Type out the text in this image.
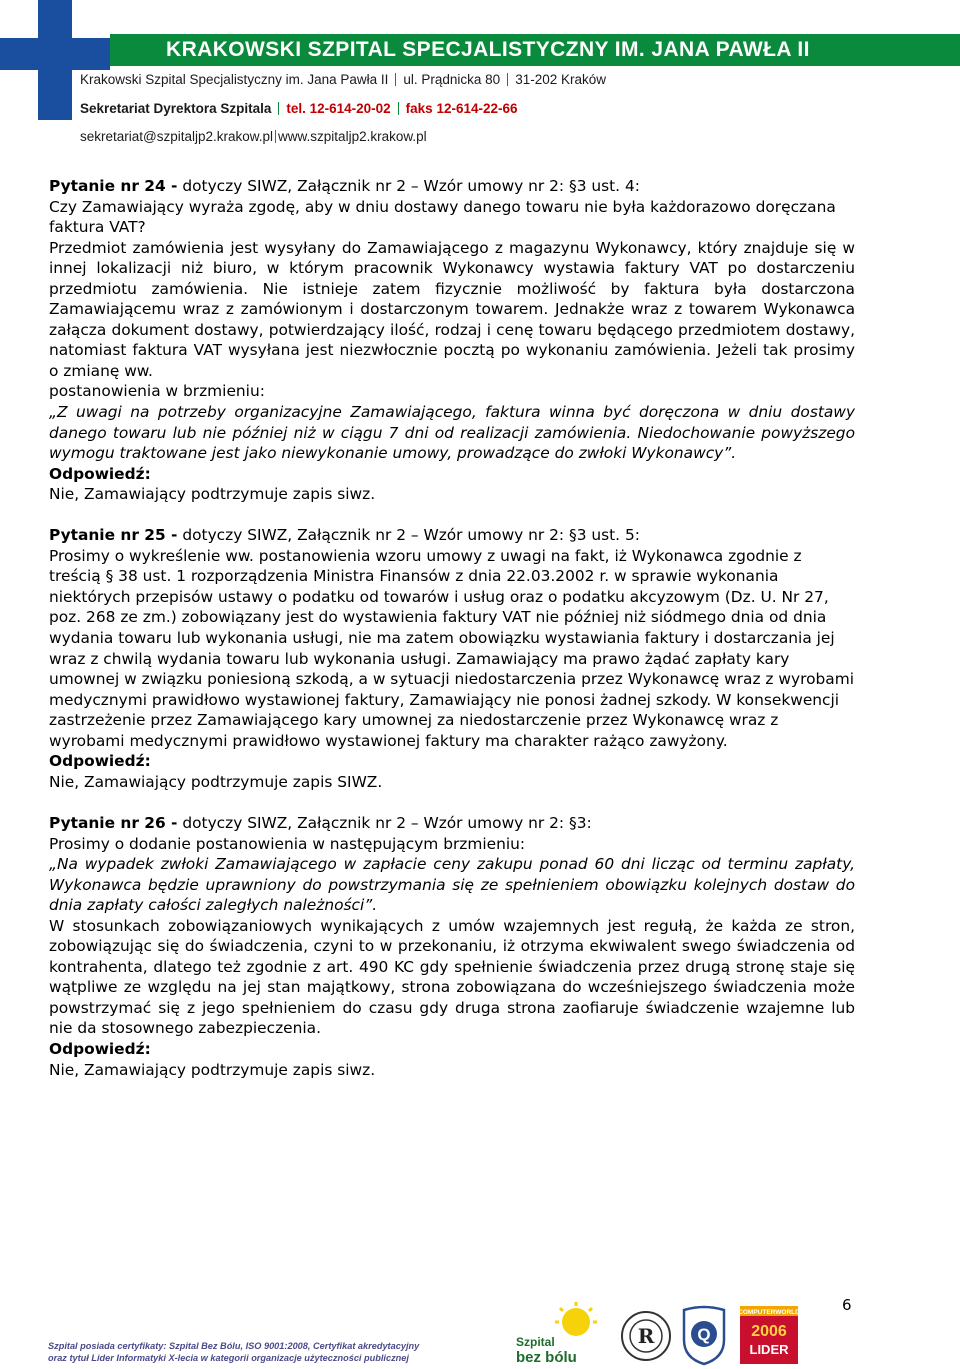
KRAKOWSKI SZPITAL SPECJALISTYCZNY IM. JANA PAWŁA II
Krakowski Szpital Specjalistyczny im. Jana Pawła II ul. Prądnicka 80 31-202 Kraków
Sekretariat Dyrektora Szpitala tel. 12-614-20-02 faks 12-614-22-66
sekretariat@szpitaljp2.krakow.pl www.szpitaljp2.krakow.pl

Pytanie nr 24 - dotyczy SIWZ, Załącznik nr 2 – Wzór umowy nr 2: §3 ust. 4:

Czy Zamawiający wyraża zgodę, aby w dniu dostawy danego towaru nie była każdorazowo doręczana faktura VAT?

Przedmiot zamówienia jest wysyłany do Zamawiającego z magazynu Wykonawcy, który znajduje się w innej lokalizacji niż biuro, w którym pracownik Wykonawcy wystawia faktury VAT po dostarczeniu przedmiotu zamówienia. Nie istnieje zatem fizycznie możliwość by faktura była dostarczona Zamawiającemu wraz z zamówionym i dostarczonym towarem. Jednakże wraz z towarem Wykonawca załącza dokument dostawy, potwierdzający ilość, rodzaj i cenę towaru będącego przedmiotem dostawy, natomiast faktura VAT wysyłana jest niezwłocznie pocztą po wykonaniu zamówienia. Jeżeli tak prosimy o zmianę ww.

postanowienia w brzmieniu:

„Z uwagi na potrzeby organizacyjne Zamawiającego, faktura winna być doręczona w dniu dostawy danego towaru lub nie później niż w ciągu 7 dni od realizacji zamówienia. Niedochowanie powyższego wymogu traktowane jest jako niewykonanie umowy, prowadzące do zwłoki Wykonawcy”.

Odpowiedź:

Nie, Zamawiający podtrzymuje zapis siwz.

Pytanie nr 25 - dotyczy SIWZ, Załącznik nr 2 – Wzór umowy nr 2: §3 ust. 5:

Prosimy o wykreślenie ww. postanowienia wzoru umowy z uwagi na fakt, iż Wykonawca zgodnie z treścią § 38 ust. 1 rozporządzenia Ministra Finansów z dnia 22.03.2002 r. w sprawie wykonania niektórych przepisów ustawy o podatku od towarów i usług oraz o podatku akcyzowym (Dz. U. Nr 27, poz. 268 ze zm.) zobowiązany jest do wystawienia faktury VAT nie później niż siódmego dnia od dnia wydania towaru lub wykonania usługi, nie ma zatem obowiązku wystawiania faktury i dostarczania jej wraz z chwilą wydania towaru lub wykonania usługi. Zamawiający ma prawo żądać zapłaty kary umownej w związku poniesioną szkodą, a w sytuacji niedostarczenia przez Wykonawcę wraz z wyrobami medycznymi prawidłowo wystawionej faktury, Zamawiający nie ponosi żadnej szkody. W konsekwencji zastrzeżenie przez Zamawiającego kary umownej za niedostarczenie przez Wykonawcę wraz z wyrobami medycznymi prawidłowo wystawionej faktury ma charakter rażąco zawyżony.

Odpowiedź:

Nie, Zamawiający podtrzymuje zapis SIWZ.

Pytanie nr 26 - dotyczy SIWZ, Załącznik nr 2 – Wzór umowy nr 2: §3:

Prosimy o dodanie postanowienia w następującym brzmieniu:

„Na wypadek zwłoki Zamawiającego w zapłacie ceny zakupu ponad 60 dni licząc od terminu zapłaty, Wykonawca będzie uprawniony do powstrzymania się ze spełnieniem obowiązku kolejnych dostaw do dnia zapłaty całości zaległych należności”.

W stosunkach zobowiązaniowych wynikających z umów wzajemnych jest regułą, że każda ze stron, zobowiązując się do świadczenia, czyni to w przekonaniu, iż otrzyma ekwiwalent swego świadczenia od kontrahenta, dlatego też zgodnie z art. 490 KC gdy spełnienie świadczenia przez drugą stronę staje się wątpliwe ze względu na jej stan majątkowy, strona zobowiązana do wcześniejszego świadczenia może powstrzymać się z jego spełnieniem do czasu gdy druga strona zaofiaruje świadczenie wzajemne lub nie da stosownego zabezpieczenia.

Odpowiedź:

Nie, Zamawiający podtrzymuje zapis siwz.

6
Szpital posiada certyfikaty: Szpital Bez Bólu, ISO 9001:2008, Certyfikat akredytacyjny
oraz tytuł Lider Informatyki X-lecia w kategorii organizacje użyteczności publicznej
Szpital
bez bólu
R	Q
COMPUTERWORLD
2006
LIDER
